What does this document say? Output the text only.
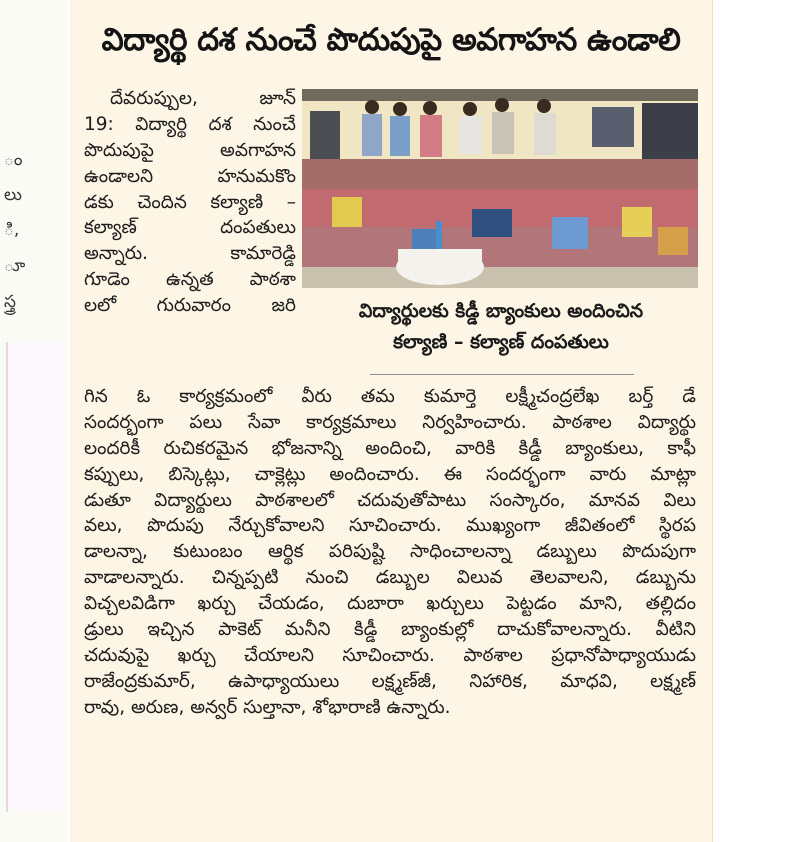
ం
లు
ి,
ూ
స్త్ర
విద్యార్థి దశ నుంచే పొదుపుపై అవగాహన ఉండాలి
దేవరుప్పుల, జూన్
19: విద్యార్థి దశ నుంచే
పొదుపుపై అవగాహన
ఉండాలని హనుమకొం
డకు చెందిన కల్యాణి –
కల్యాణ్ దంపతులు
అన్నారు. కామారెడ్డి
గూడెం ఉన్నత పాఠశా
లలో గురువారం జరి	విద్యార్థులకు కిడ్డీ బ్యాంకులు అందించిన
కల్యాణి – కల్యాణ్ దంపతులు
గిన ఓ కార్యక్రమంలో వీరు తమ కుమార్తె లక్ష్మీచంద్రలేఖ బర్త్ డే
సందర్భంగా పలు సేవా కార్యక్రమాలు నిర్వహించారు. పాఠశాల విద్యార్థు
లందరికీ రుచికరమైన భోజనాన్ని అందించి, వారికి కిడ్డీ బ్యాంకులు, కాఫీ
కప్పులు, బిస్కెట్లు, చాక్లెట్లు అందించారు. ఈ సందర్భంగా వారు మాట్లా
డుతూ విద్యార్థులు పాఠశాలలో చదువుతోపాటు సంస్కారం, మానవ విలు
వలు, పొదుపు నేర్చుకోవాలని సూచించారు. ముఖ్యంగా జీవితంలో స్థిరప
డాలన్నా, కుటుంబం ఆర్థిక పరిపుష్టి సాధించాలన్నా డబ్బులు పొదుపుగా
వాడాలన్నారు. చిన్నప్పటి నుంచి డబ్బుల విలువ తెలవాలని, డబ్బును
విచ్చలవిడిగా ఖర్చు చేయడం, దుబారా ఖర్చులు పెట్టడం మాని, తల్లిదం
డ్రులు ఇచ్చిన పాకెట్ మనీని కిడ్డీ బ్యాంకుల్లో దాచుకోవాలన్నారు. వీటిని
చదువుపై ఖర్చు చేయాలని సూచించారు. పాఠశాల ప్రధానోపాధ్యాయుడు
రాజేంద్రకుమార్, ఉపాధ్యాయులు లక్ష్మణ్‌జీ, నిహారిక, మాధవి, లక్ష్మణ్
రావు, అరుణ, అన్వర్ సుల్తానా, శోభారాణి ఉన్నారు.
